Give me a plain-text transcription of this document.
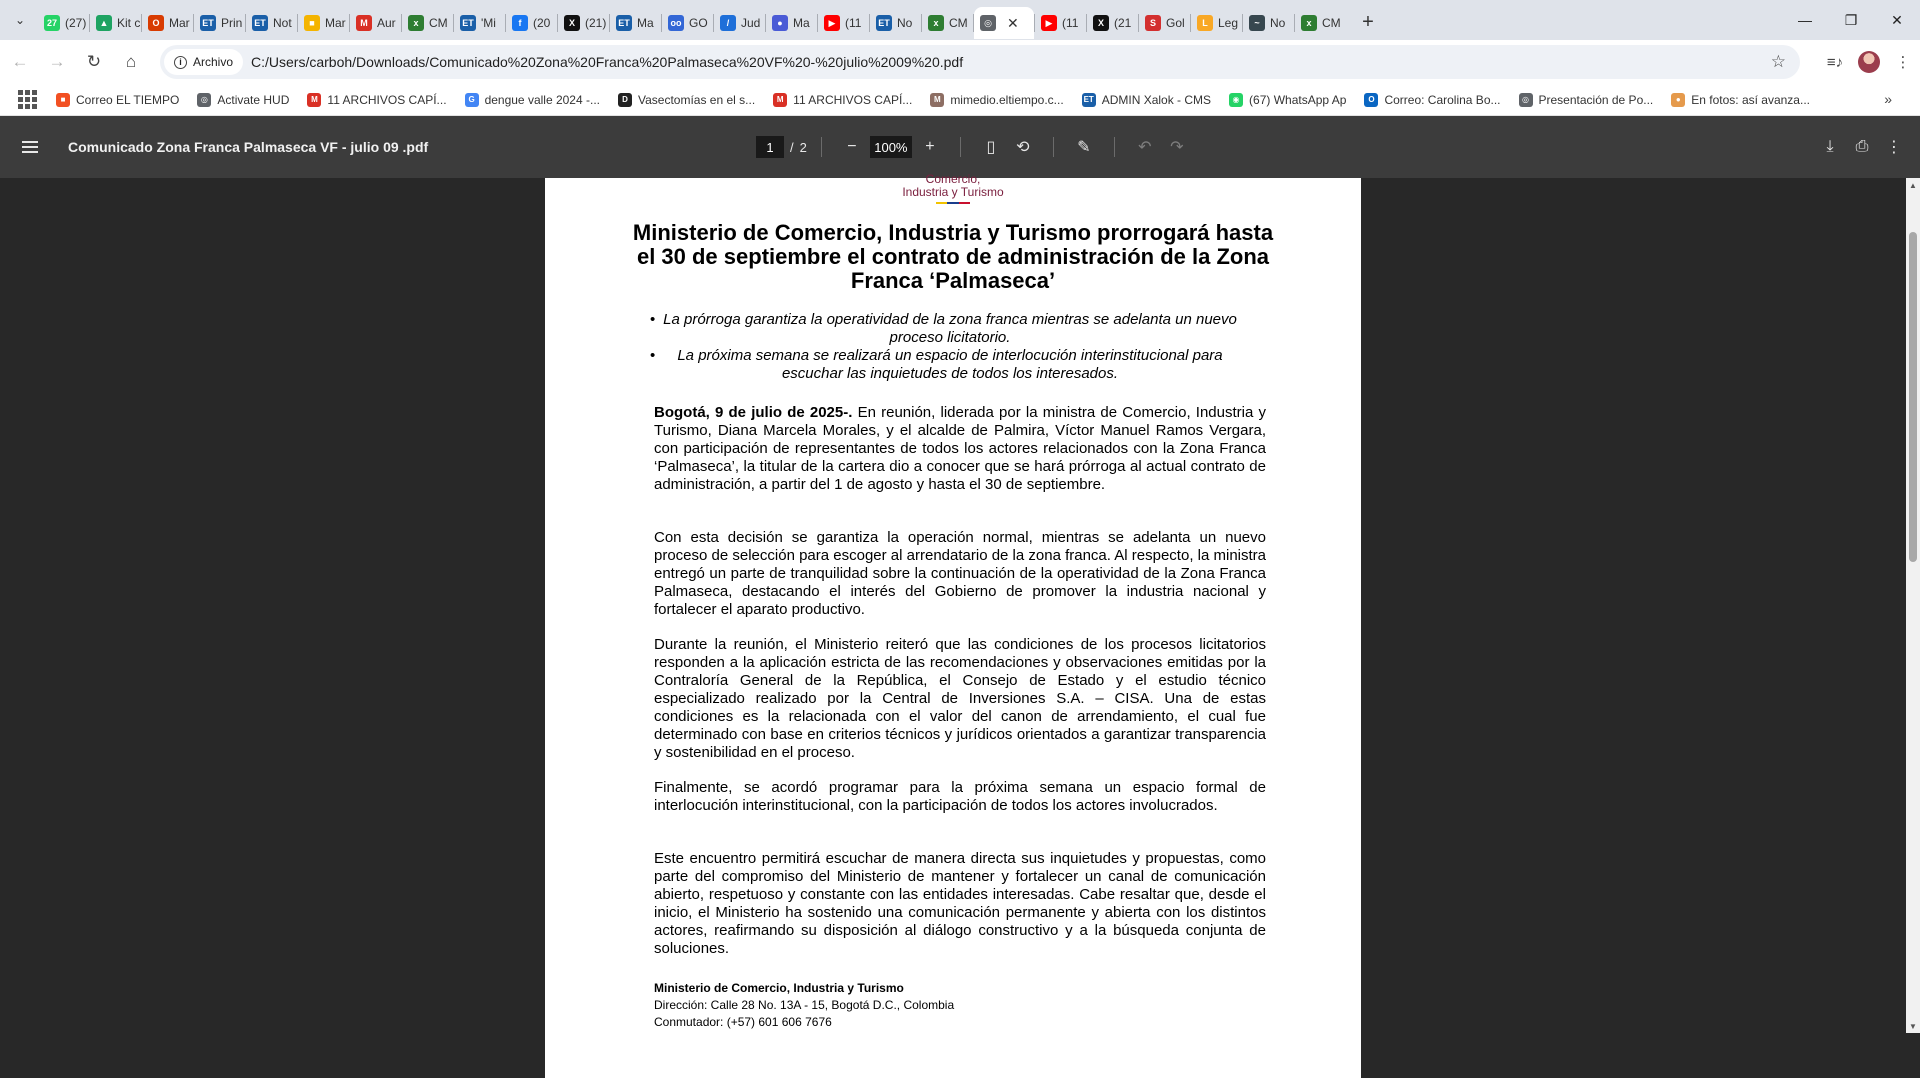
⌄	27 (27)	▲ Kit c	O Mar ET Prin ET Not	■ Mar	M Aur	x CM ET 'Mi	f (20	X (21) ET Ma oo GO	/ Jud	● Ma	▶ (11 ET No	x CM	◎ ✕	▶ (11	X (21	S Gol	L Leg	~ No	x CM +	— ❐ ✕
← → ↻ ⌂	i Archivo C:/Users/carboh/Downloads/Comunicado%20Zona%20Franca%20Palmaseca%20VF%20-%20julio%2009%20.pdf	☆	≡♪	⋮
■ Correo EL TIEMPO	◎ Activate HUD	M 11 ARCHIVOS CAPÍ...	G dengue valle 2024 -...	D Vasectomías en el s...	M 11 ARCHIVOS CAPÍ...	M mimedio.eltiempo.c... ET ADMIN Xalok - CMS	◉ (67) WhatsApp Ap	O Correo: Carolina Bo...	◎ Presentación de Po...	● En fotos: así avanza...	»
Comunicado Zona Franca Palmaseca VF - julio 09 .pdf	1	/ 2	−	100% +	▯ ⟲	✎	↶ ↷	⤓ ⎙ ⋮
Comercio,
Industria y Turismo
Ministerio de Comercio, Industria y Turismo prorrogará hasta el 30 de septiembre el contrato de administración de la Zona Franca ‘Palmaseca’
• La prórroga garantiza la operatividad de la zona franca mientras se adelanta un nuevo proceso licitatorio.
• La próxima semana se realizará un espacio de interlocución interinstitucional para escuchar las inquietudes de todos los interesados.
Bogotá, 9 de julio de 2025-. En reunión, liderada por la ministra de Comercio, Industria y Turismo, Diana Marcela Morales, y el alcalde de Palmira, Víctor Manuel Ramos Vergara, con participación de representantes de todos los actores relacionados con la Zona Franca ‘Palmaseca’, la titular de la cartera dio a conocer que se hará prórroga al actual contrato de administración, a partir del 1 de agosto y hasta el 30 de septiembre.
Con esta decisión se garantiza la operación normal, mientras se adelanta un nuevo proceso de selección para escoger al arrendatario de la zona franca. Al respecto, la ministra entregó un parte de tranquilidad sobre la continuación de la operatividad de la Zona Franca Palmaseca, destacando el interés del Gobierno de promover la industria nacional y fortalecer el aparato productivo.
Durante la reunión, el Ministerio reiteró que las condiciones de los procesos licitatorios responden a la aplicación estricta de las recomendaciones y observaciones emitidas por la Contraloría General de la República, el Consejo de Estado y el estudio técnico especializado realizado por la Central de Inversiones S.A. – CISA. Una de estas condiciones es la relacionada con el valor del canon de arrendamiento, el cual fue determinado con base en criterios técnicos y jurídicos orientados a garantizar transparencia y sostenibilidad en el proceso.
Finalmente, se acordó programar para la próxima semana un espacio formal de interlocución interinstitucional, con la participación de todos los actores involucrados.
Este encuentro permitirá escuchar de manera directa sus inquietudes y propuestas, como parte del compromiso del Ministerio de mantener y fortalecer un canal de comunicación abierto, respetuoso y constante con las entidades interesadas. Cabe resaltar que, desde el inicio, el Ministerio ha sostenido una comunicación permanente y abierta con los distintos actores, reafirmando su disposición al diálogo constructivo y a la búsqueda conjunta de soluciones.
Ministerio de Comercio, Industria y Turismo
Dirección: Calle 28 No. 13A - 15, Bogotá D.C., Colombia
Conmutador: (+57) 601 606 7676
▲
▼
